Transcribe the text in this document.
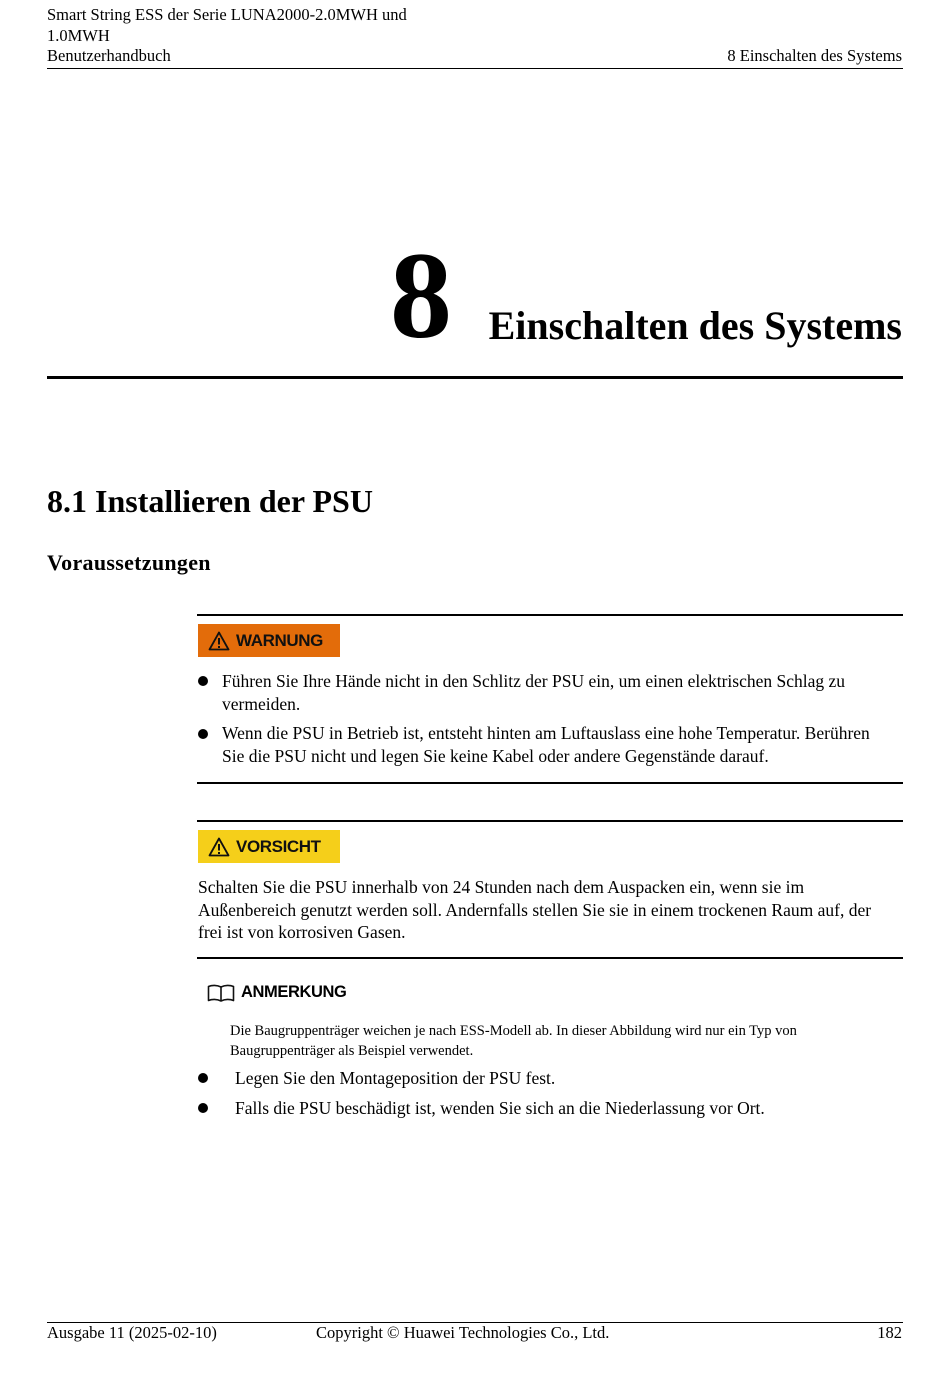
Smart String ESS der Serie LUNA2000-2.0MWH und 1.0MWH
Benutzerhandbuch	8 Einschalten des Systems
8 Einschalten des Systems
8.1 Installieren der PSU
Voraussetzungen
WARNUNG
Führen Sie Ihre Hände nicht in den Schlitz der PSU ein, um einen elektrischen Schlag zu vermeiden.
Wenn die PSU in Betrieb ist, entsteht hinten am Luftauslass eine hohe Temperatur. Berühren Sie die PSU nicht und legen Sie keine Kabel oder andere Gegenstände darauf.
VORSICHT
Schalten Sie die PSU innerhalb von 24 Stunden nach dem Auspacken ein, wenn sie im Außenbereich genutzt werden soll. Andernfalls stellen Sie sie in einem trockenen Raum auf, der frei ist von korrosiven Gasen.
ANMERKUNG
Die Baugruppenträger weichen je nach ESS-Modell ab. In dieser Abbildung wird nur ein Typ von Baugruppenträger als Beispiel verwendet.
Legen Sie den Montageposition der PSU fest.
Falls die PSU beschädigt ist, wenden Sie sich an die Niederlassung vor Ort.
Ausgabe 11 (2025-02-10)	Copyright © Huawei Technologies Co., Ltd.	182
